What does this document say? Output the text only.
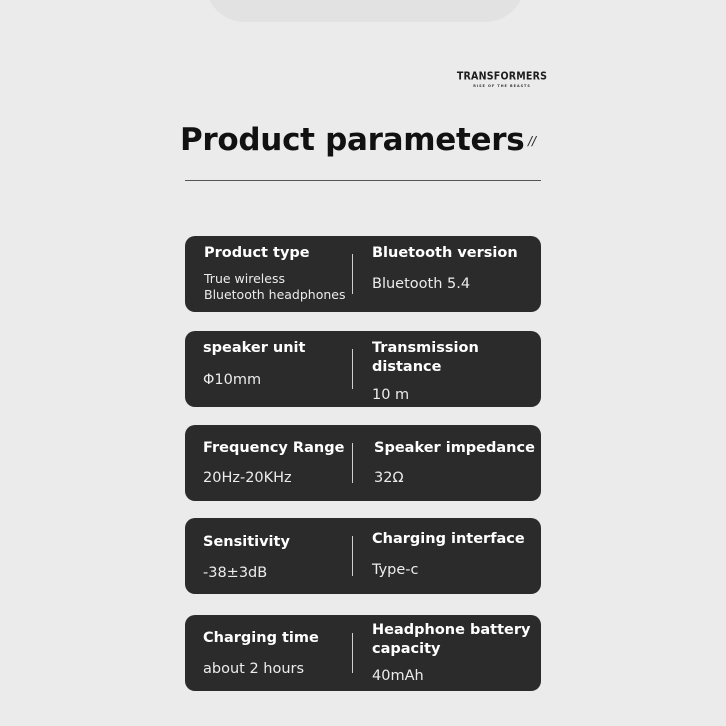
TRANSFORMERS
RISE OF THE BEASTS
Product parameters //

Product type

True wireless

Bluetooth headphones

Bluetooth version

Bluetooth 5.4

speaker unit

Φ10mm

Transmission distance

10 m

Frequency Range

20Hz-20KHz

Speaker impedance

32Ω

Sensitivity

-38±3dB

Charging interface

Type-c

Charging time

about 2 hours

Headphone battery capacity

40mAh
